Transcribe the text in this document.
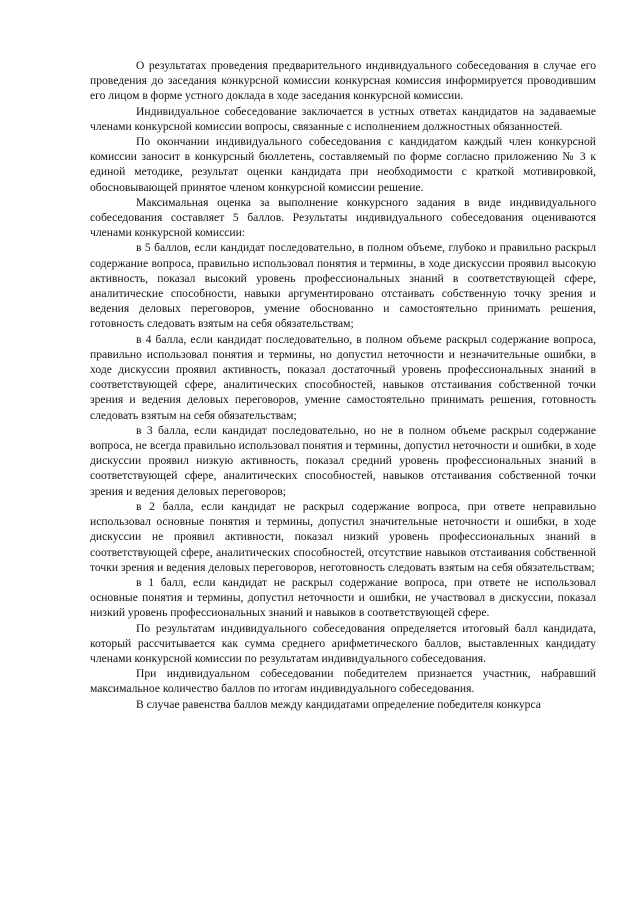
О результатах проведения предварительного индивидуального собеседования в случае его проведения до заседания конкурсной комиссии конкурсная комиссия информируется проводившим его лицом в форме устного доклада в ходе заседания конкурсной комиссии.

Индивидуальное собеседование заключается в устных ответах кандидатов на задаваемые членами конкурсной комиссии вопросы, связанные с исполнением должностных обязанностей.

По окончании индивидуального собеседования с кандидатом каждый член конкурсной комиссии заносит в конкурсный бюллетень, составляемый по форме согласно приложению № 3 к единой методике, результат оценки кандидата при необходимости с краткой мотивировкой, обосновывающей принятое членом конкурсной комиссии решение.

Максимальная оценка за выполнение конкурсного задания в виде индивидуального собеседования составляет 5 баллов. Результаты индивидуального собеседования оцениваются членами конкурсной комиссии:

в 5 баллов, если кандидат последовательно, в полном объеме, глубоко и правильно раскрыл содержание вопроса, правильно использовал понятия и термины, в ходе дискуссии проявил высокую активность, показал высокий уровень профессиональных знаний в соответствующей сфере, аналитические способности, навыки аргументировано отстаивать собственную точку зрения и ведения деловых переговоров, умение обоснованно и самостоятельно принимать решения, готовность следовать взятым на себя обязательствам;

в 4 балла, если кандидат последовательно, в полном объеме раскрыл содержание вопроса, правильно использовал понятия и термины, но допустил неточности и незначительные ошибки, в ходе дискуссии проявил активность, показал достаточный уровень профессиональных знаний в соответствующей сфере, аналитических способностей, навыков отстаивания собственной точки зрения и ведения деловых переговоров, умение самостоятельно принимать решения, готовность следовать взятым на себя обязательствам;

в 3 балла, если кандидат последовательно, но не в полном объеме раскрыл содержание вопроса, не всегда правильно использовал понятия и термины, допустил неточности и ошибки, в ходе дискуссии проявил низкую активность, показал средний уровень профессиональных знаний в соответствующей сфере, аналитических способностей, навыков отстаивания собственной точки зрения и ведения деловых переговоров;

в 2 балла, если кандидат не раскрыл содержание вопроса, при ответе неправильно использовал основные понятия и термины, допустил значительные неточности и ошибки, в ходе дискуссии не проявил активности, показал низкий уровень профессиональных знаний в соответствующей сфере, аналитических способностей, отсутствие навыков отстаивания собственной точки зрения и ведения деловых переговоров, неготовность следовать взятым на себя обязательствам;

в 1 балл, если кандидат не раскрыл содержание вопроса, при ответе не использовал основные понятия и термины, допустил неточности и ошибки, не участвовал в дискуссии, показал низкий уровень профессиональных знаний и навыков в соответствующей сфере.

По результатам индивидуального собеседования определяется итоговый балл кандидата, который рассчитывается как сумма среднего арифметического баллов, выставленных кандидату членами конкурсной комиссии по результатам индивидуального собеседования.

При индивидуальном собеседовании победителем признается участник, набравший максимальное количество баллов по итогам индивидуального собеседования.

В случае равенства баллов между кандидатами определение победителя конкурса
